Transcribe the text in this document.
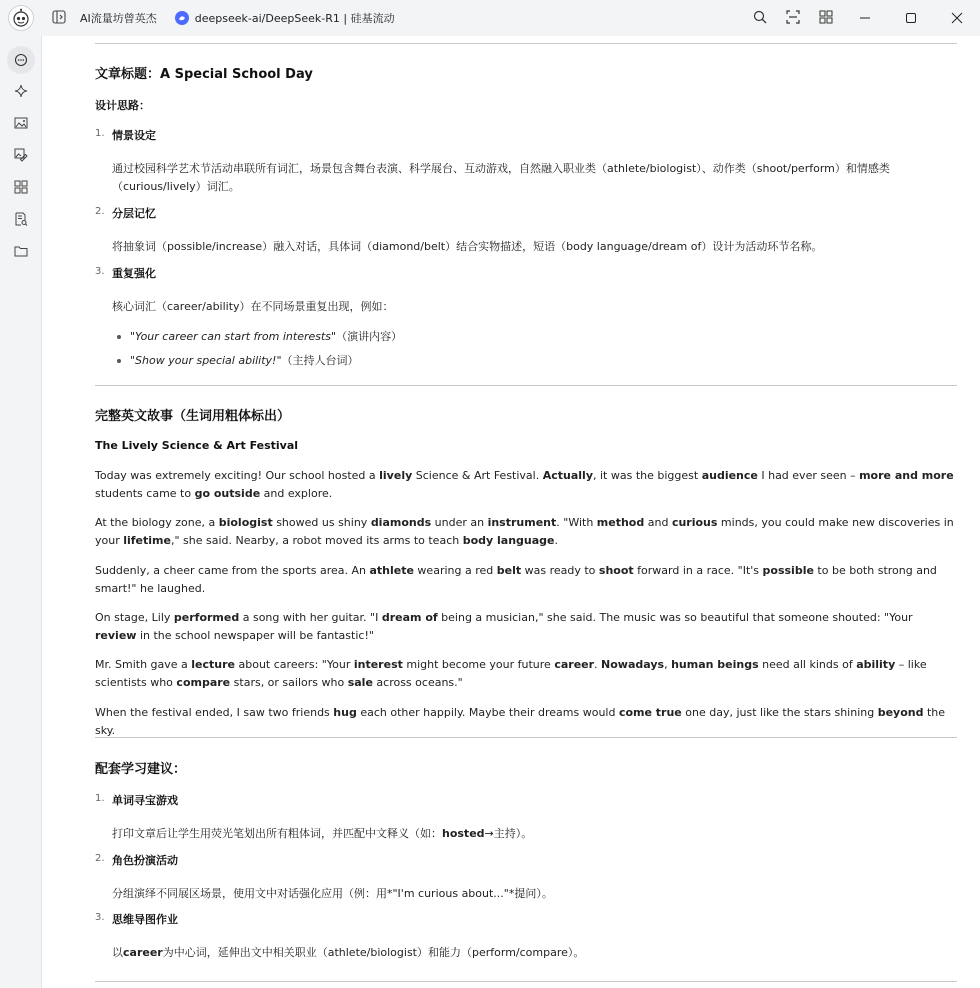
AI流量坊曾英杰	deepseek-ai/DeepSeek-R1 | 硅基流动
文章标题：A Special School Day
设计思路：
1. 情景设定
通过校园科学艺术节活动串联所有词汇，场景包含舞台表演、科学展台、互动游戏，自然融入职业类（athlete/biologist）、动作类（shoot/perform）和情感类（curious/lively）词汇。
2. 分层记忆
将抽象词（possible/increase）融入对话，具体词（diamond/belt）结合实物描述，短语（body language/dream of）设计为活动环节名称。
3. 重复强化
核心词汇（career/ability）在不同场景重复出现，例如：
"Your career can start from interests"（演讲内容）
"Show your special ability!"（主持人台词）
完整英文故事（生词用粗体标出）
The Lively Science & Art Festival
Today was extremely exciting! Our school hosted a lively Science & Art Festival. Actually, it was the biggest audience I had ever seen – more and more students came to go outside and explore.
At the biology zone, a biologist showed us shiny diamonds under an instrument. "With method and curious minds, you could make new discoveries in your lifetime," she said. Nearby, a robot moved its arms to teach body language.
Suddenly, a cheer came from the sports area. An athlete wearing a red belt was ready to shoot forward in a race. "It's possible to be both strong and smart!" he laughed.
On stage, Lily performed a song with her guitar. "I dream of being a musician," she said. The music was so beautiful that someone shouted: "Your review in the school newspaper will be fantastic!"
Mr. Smith gave a lecture about careers: "Your interest might become your future career. Nowadays, human beings need all kinds of ability – like scientists who compare stars, or sailors who sale across oceans."
When the festival ended, I saw two friends hug each other happily. Maybe their dreams would come true one day, just like the stars shining beyond the sky.
配套学习建议：
1. 单词寻宝游戏
打印文章后让学生用荧光笔划出所有粗体词，并匹配中文释义（如：hosted→主持）。
2. 角色扮演活动
分组演绎不同展区场景，使用文中对话强化应用（例：用*"I'm curious about..."*提问）。
3. 思维导图作业
以career为中心词，延伸出文中相关职业（athlete/biologist）和能力（perform/compare）。
